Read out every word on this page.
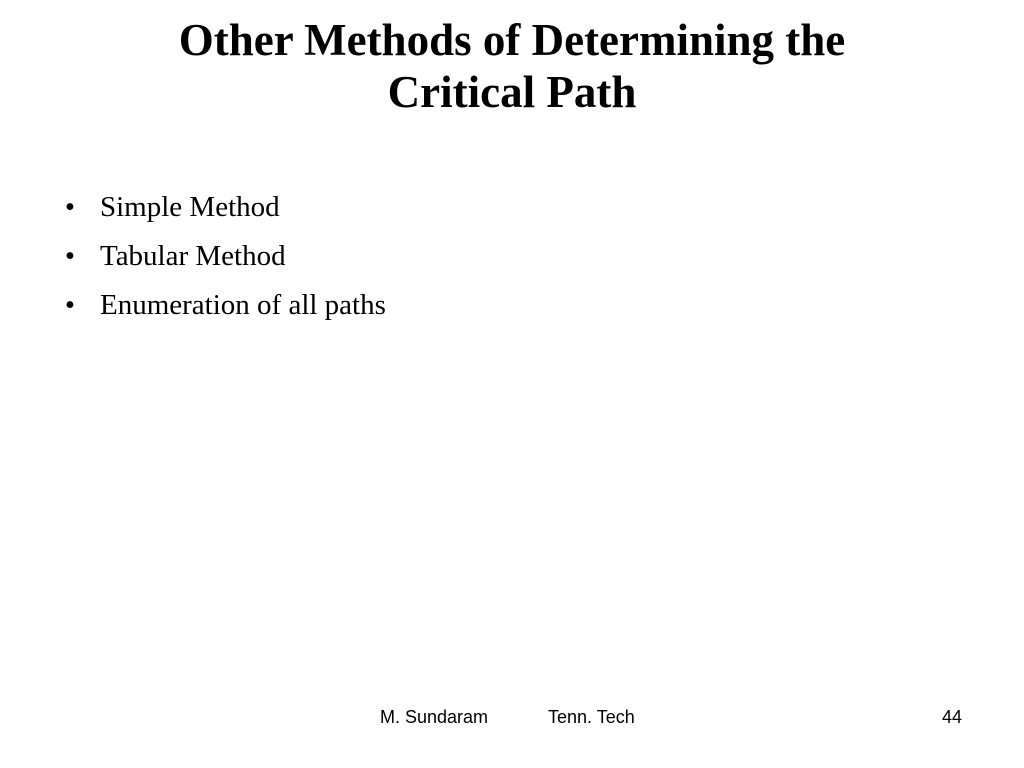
Other Methods of Determining the
Critical Path
• Simple Method
• Tabular Method
• Enumeration of all paths
M. Sundaram	Tenn. Tech	44
